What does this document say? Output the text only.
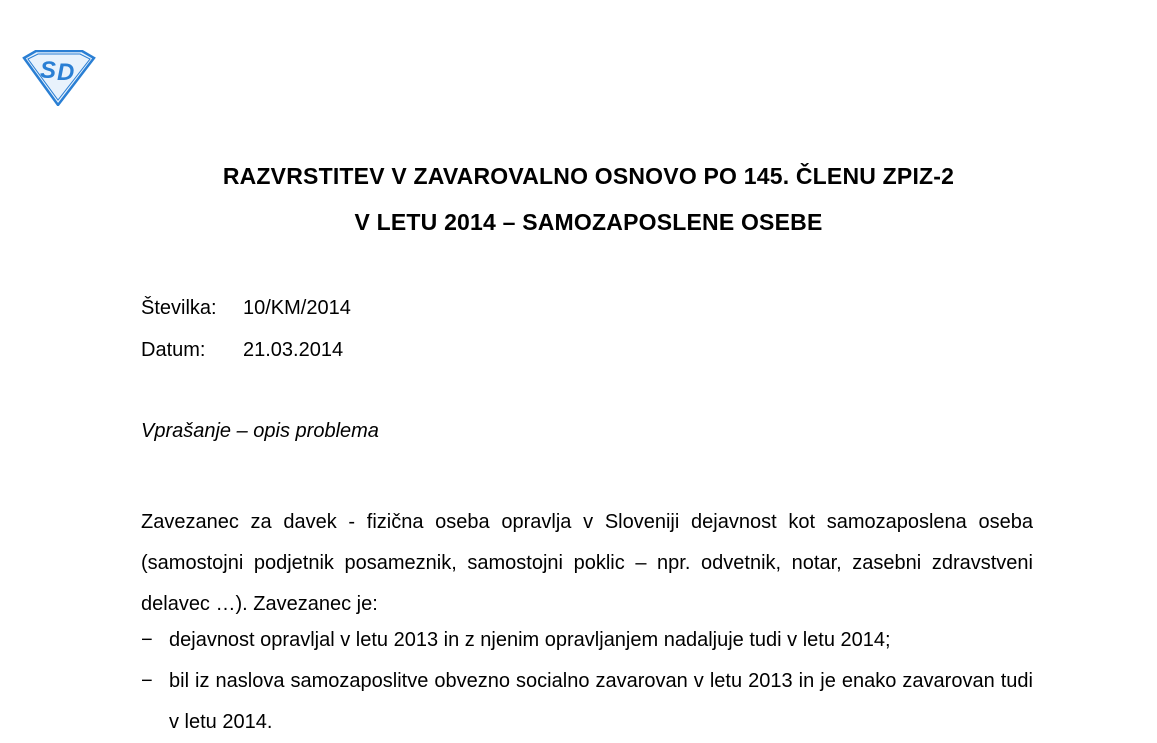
S D
RAZVRSTITEV V ZAVAROVALNO OSNOVO PO 145. ČLENU ZPIZ-2
V LETU 2014 – SAMOZAPOSLENE OSEBE
Številka: 10/KM/2014
Datum: 21.03.2014
Vprašanje – opis problema
Zavezanec za davek - fizična oseba opravlja v Sloveniji dejavnost kot samozaposlena oseba (samostojni podjetnik posameznik, samostojni poklic – npr. odvetnik, notar, zasebni zdravstveni delavec …). Zavezanec je:
− dejavnost opravljal v letu 2013 in z njenim opravljanjem nadaljuje tudi v letu 2014;
− bil iz naslova samozaposlitve obvezno socialno zavarovan v letu 2013 in je enako zavarovan tudi v letu 2014.
